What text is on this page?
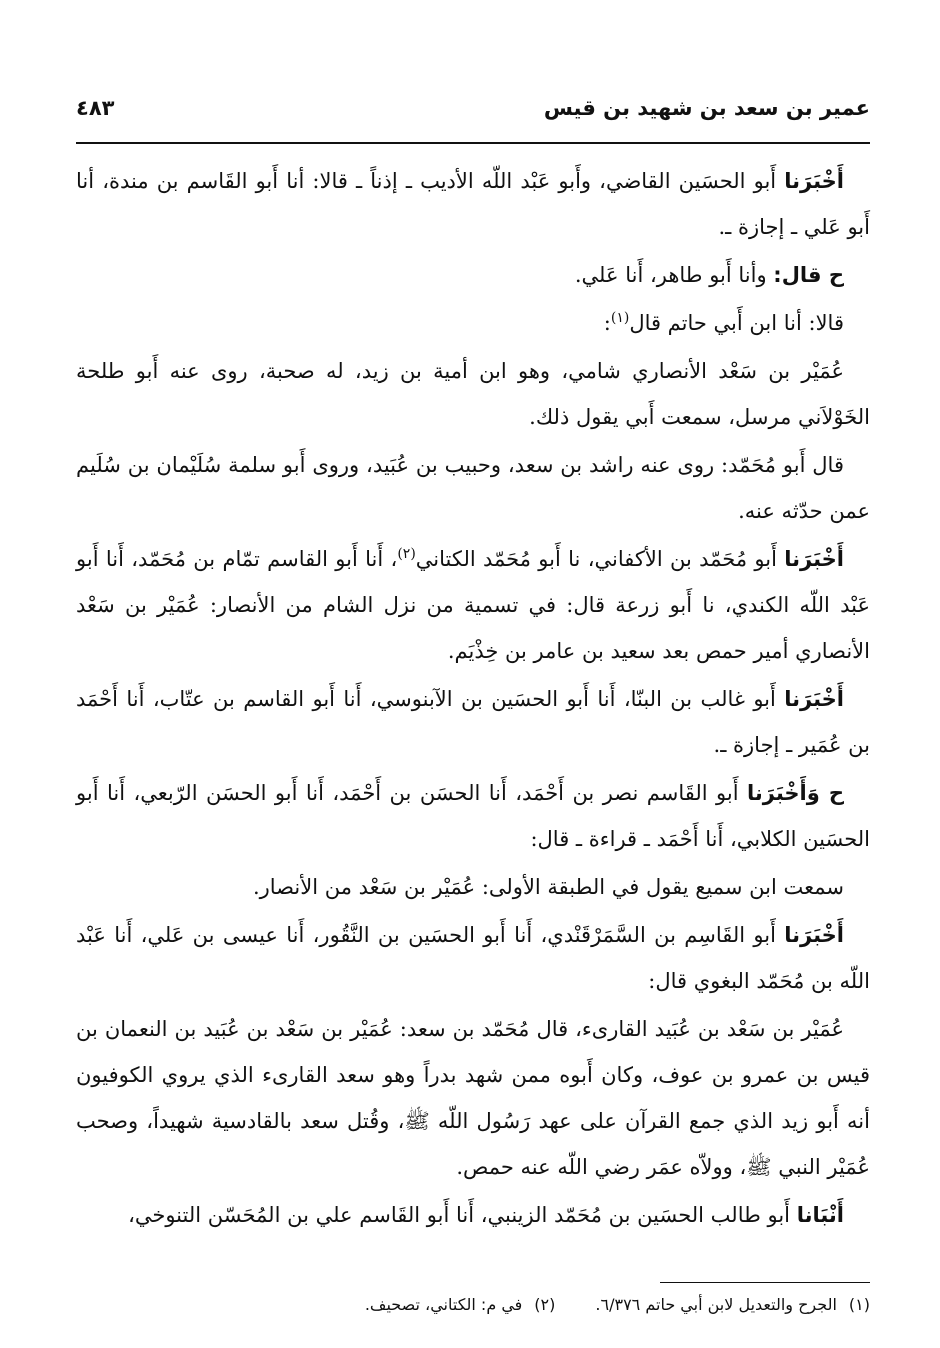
عمير بن سعد بن شهيد بن قيس
٤٨٣

أَخْبَرَنا أَبو الحسَين القاضي، وأَبو عَبْد اللّه الأديب ـ إذناً ـ قالا: أنا أَبو القَاسم بن مندة، أنا أَبو عَلي ـ إجازة ـ.

ح قال: وأنا أَبو طاهر، أَنا عَلي.

قالا: أنا ابن أَبي حاتم قال$^{(١)}$:

عُمَيْر بن سَعْد الأنصاري شامي، وهو ابن أمية بن زيد، له صحبة، روى عنه أَبو طلحة الخَوْلاَني مرسل، سمعت أَبي يقول ذلك.

قال أَبو مُحَمّد: روى عنه راشد بن سعد، وحبيب بن عُبَيد، وروى أَبو سلمة سُلَيْمان بن سُلَيم عمن حدّثه عنه.

أَخْبَرَنا أَبو مُحَمّد بن الأكفاني، نا أَبو مُحَمّد الكتاني$^{(٢)}$، أَنا أَبو القاسم تمّام بن مُحَمّد، أَنا أَبو عَبْد اللّه الكندي، نا أَبو زرعة قال: في تسمية من نزل الشام من الأنصار: عُمَيْر بن سَعْد الأنصاري أمير حمص بعد سعيد بن عامر بن خِذْيَم.

أَخْبَرَنا أَبو غالب بن البنّا، أَنا أَبو الحسَين بن الآبنوسي، أَنا أَبو القاسم بن عتّاب، أَنا أَحْمَد بن عُمَير ـ إجازة ـ.

ح وَأَخْبَرَنا أَبو القَاسم نصر بن أَحْمَد، أَنا الحسَن بن أَحْمَد، أَنا أَبو الحسَن الرّبعي، أَنا أَبو الحسَين الكلابي، أَنا أَحْمَد ـ قراءة ـ قال:

سمعت ابن سميع يقول في الطبقة الأولى: عُمَيْر بن سَعْد من الأنصار.

أَخْبَرَنا أَبو القَاسِم بن السَّمَرْقَنْدي، أَنا أَبو الحسَين بن النَّقُور، أَنا عيسى بن عَلي، أَنا عَبْد اللّه بن مُحَمّد البغوي قال:

عُمَيْر بن سَعْد بن عُبَيد القارىء، قال مُحَمّد بن سعد: عُمَيْر بن سَعْد بن عُبَيد بن النعمان بن قيس بن عمرو بن عوف، وكان أَبوه ممن شهد بدراً وهو سعد القارىء الذي يروي الكوفيون أنه أَبو زيد الذي جمع القرآن على عهد رَسُول اللّه ﷺ، وقُتل سعد بالقادسية شهيداً، وصحب عُمَيْر النبي ﷺ، وولاّه عمَر رضي اللّه عنه حمص.

أَنْبَانا أَبو طالب الحسَين بن مُحَمّد الزينبي، أَنا أَبو القَاسم علي بن المُحَسّن التنوخي،

(١)الجرح والتعديل لابن أبي حاتم ٦/٣٧٦.
(٢)في م: الكتاني، تصحيف.
